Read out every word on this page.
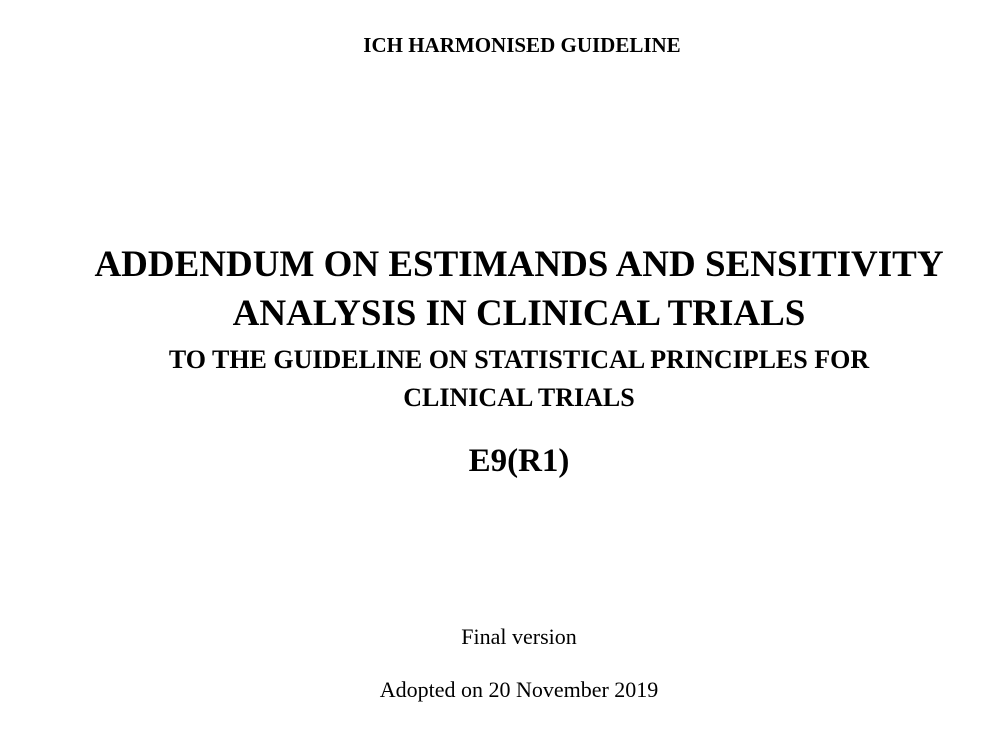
ICH HARMONISED GUIDELINE

ADDENDUM ON ESTIMANDS AND SENSITIVITY

ANALYSIS IN CLINICAL TRIALS

TO THE GUIDELINE ON STATISTICAL PRINCIPLES FOR

CLINICAL TRIALS

E9(R1)

Final version

Adopted on 20 November 2019
